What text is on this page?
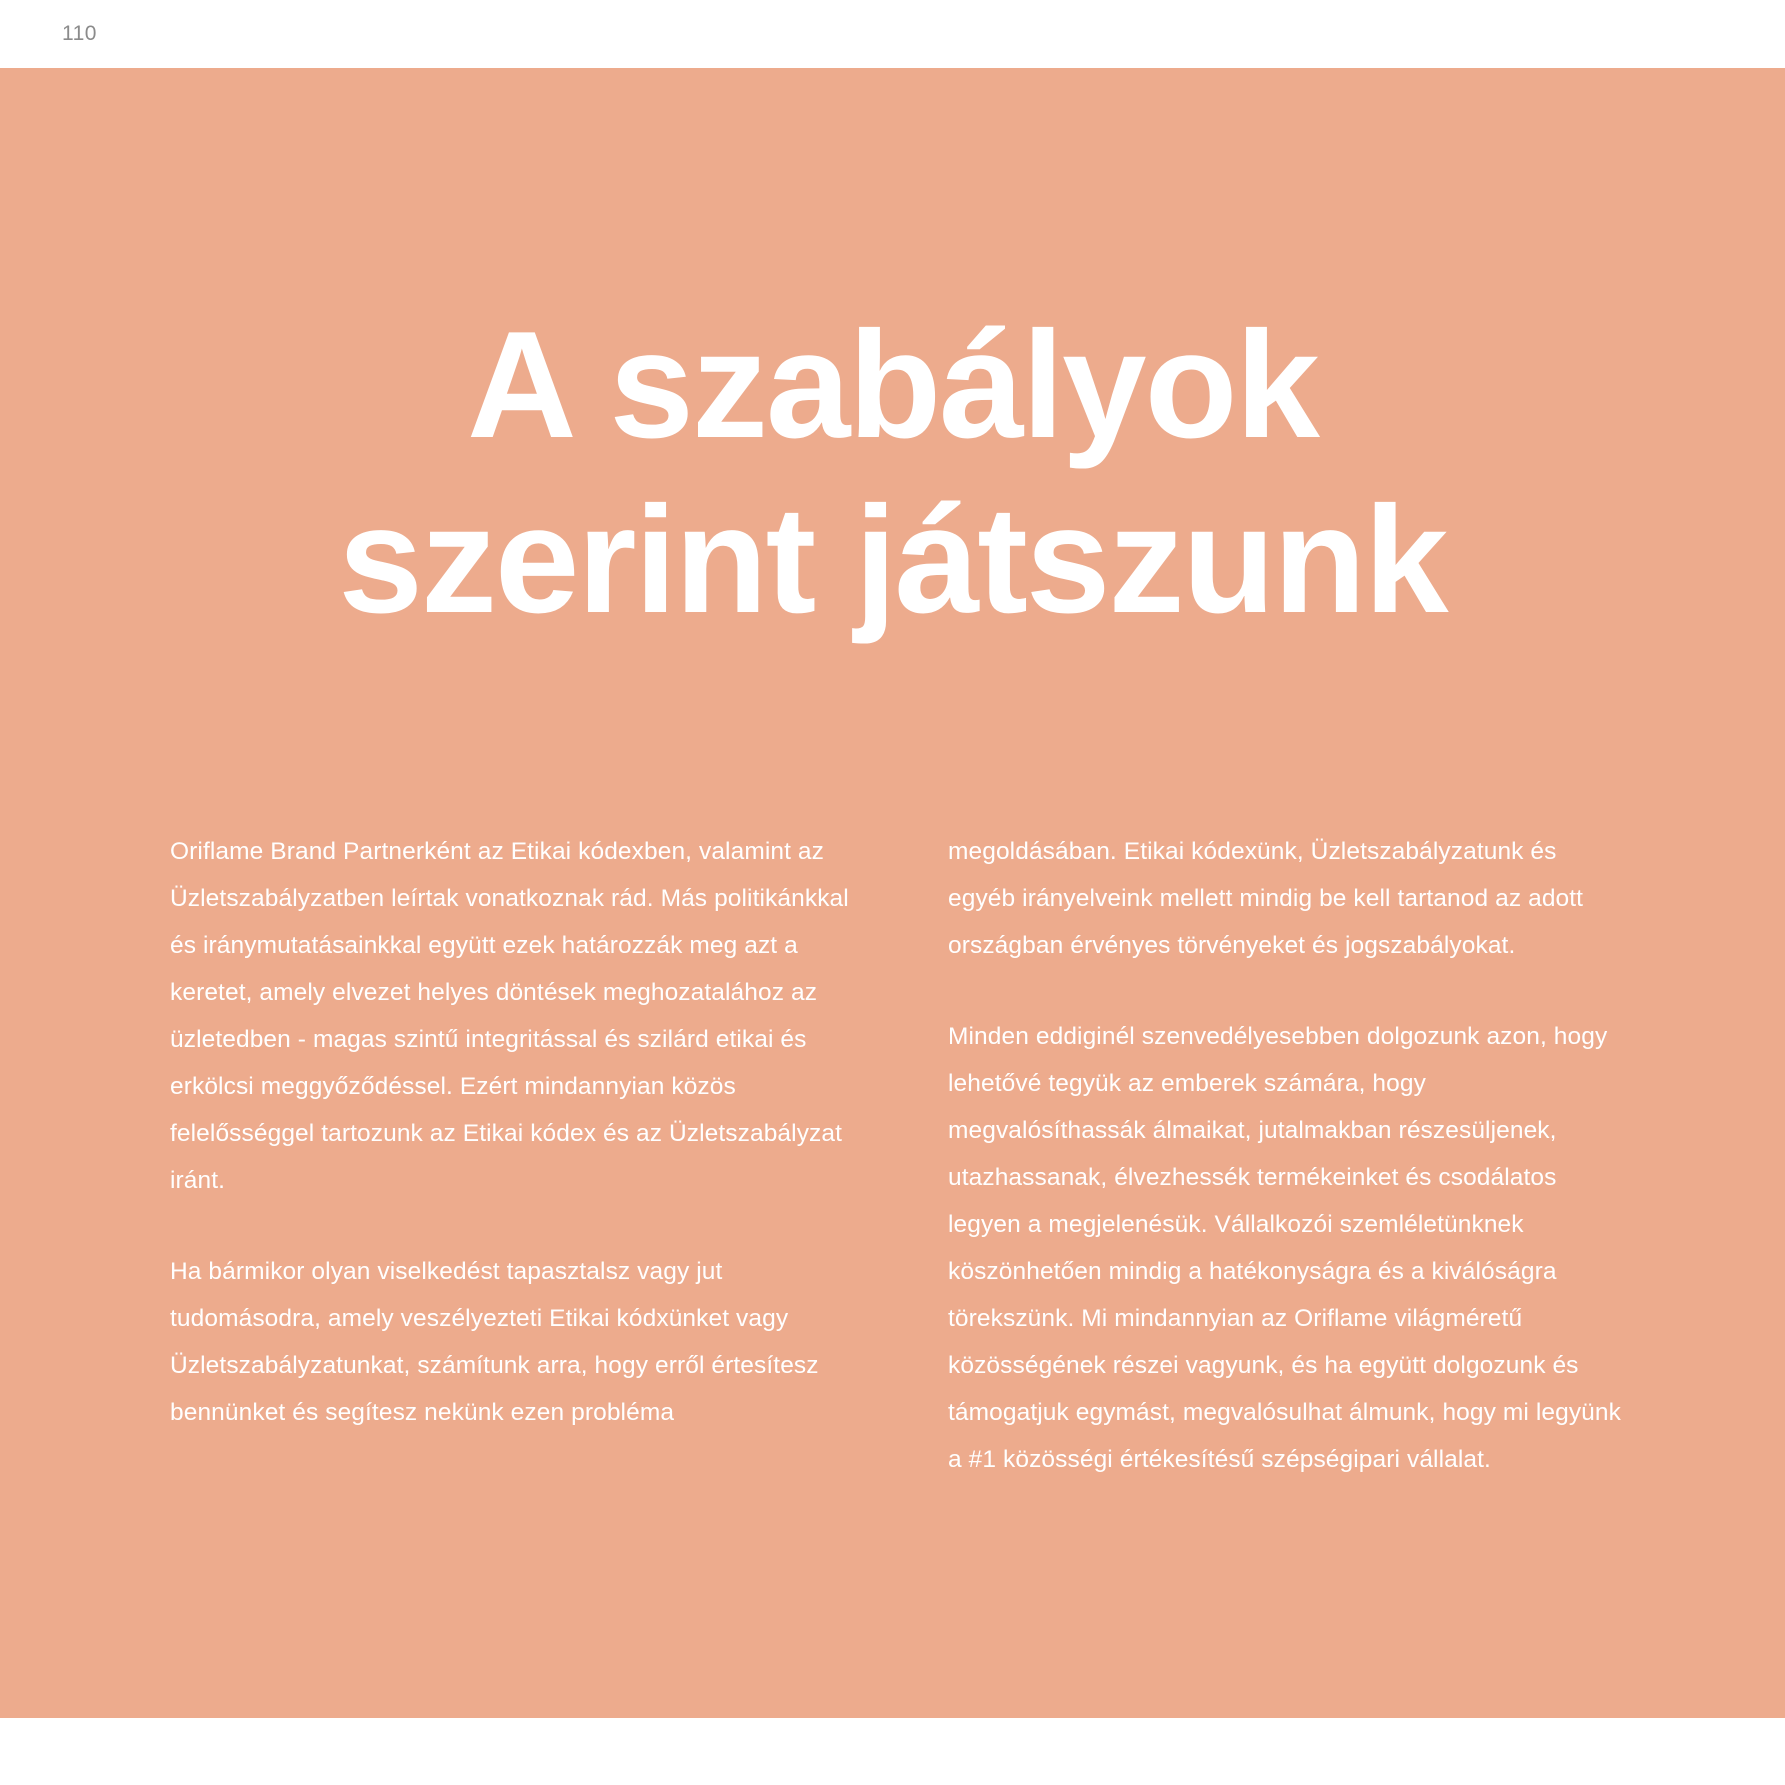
110
A szabályok
szerint játszunk

Oriflame Brand Partnerként az Etikai kódexben, valamint az Üzletszabályzatben leírtak vonatkoznak rád. Más politikánkkal és iránymutatásainkkal együtt ezek határozzák meg azt a keretet, amely elvezet helyes döntések meghozatalához az üzletedben - magas szintű integritással és szilárd etikai és erkölcsi meggyőződéssel. Ezért mindannyian közös felelősséggel tartozunk az Etikai kódex és az Üzletszabályzat iránt.

Ha bármikor olyan viselkedést tapasztalsz vagy jut tudomásodra, amely veszélyezteti Etikai kódxünket vagy Üzletszabályzatunkat, számítunk arra, hogy erről értesítesz bennünket és segítesz nekünk ezen probléma

megoldásában. Etikai kódexünk, Üzletszabályzatunk és egyéb irányelveink mellett mindig be kell tartanod az adott országban érvényes törvényeket és jogszabályokat.

Minden eddiginél szenvedélyesebben dolgozunk azon, hogy lehetővé tegyük az emberek számára, hogy megvalósíthassák álmaikat, jutalmakban részesüljenek, utazhassanak, élvezhessék termékeinket és csodálatos legyen a megjelenésük. Vállalkozói szemléletünknek köszönhetően mindig a hatékonyságra és a kiválóságra törekszünk. Mi mindannyian az Oriflame világméretű közösségének részei vagyunk, és ha együtt dolgozunk és támogatjuk egymást, megvalósulhat álmunk, hogy mi legyünk a #1 közösségi értékesítésű szépségipari vállalat.
